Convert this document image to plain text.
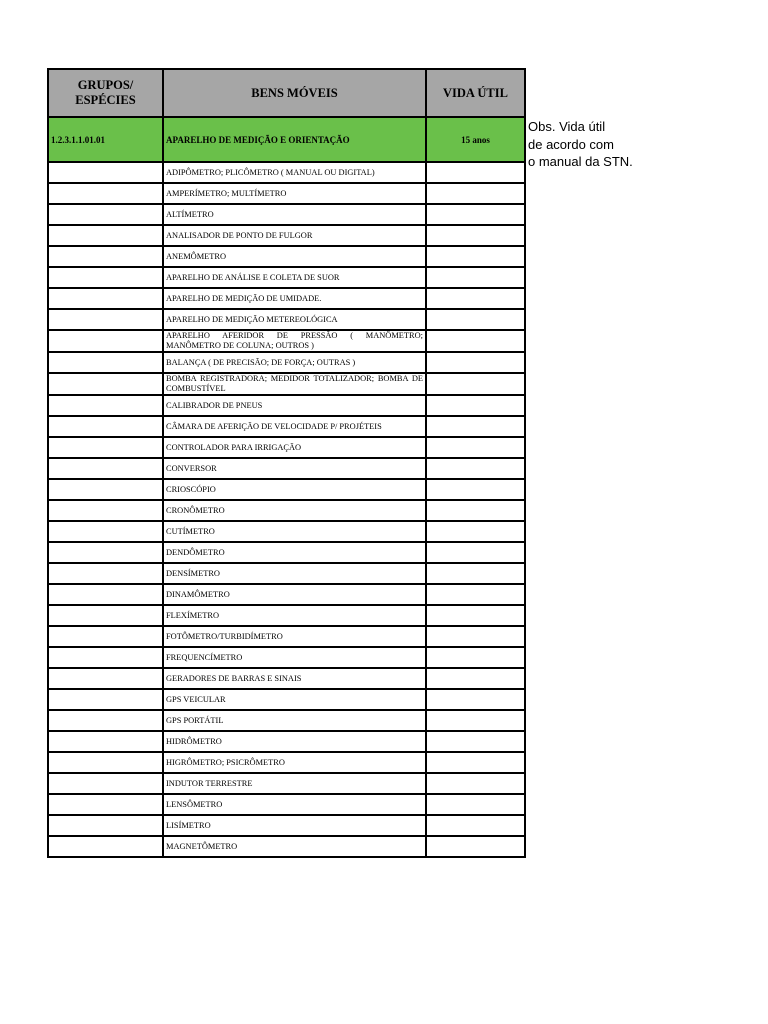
GRUPOS/
ESPÉCIES	BENS MÓVEIS	VIDA ÚTIL
1.2.3.1.1.01.01	APARELHO DE MEDIÇÃO E ORIENTAÇÃO	15 anos
	ADIPÔMETRO; PLICÔMETRO ( MANUAL OU DIGITAL)	
	AMPERÍMETRO; MULTÍMETRO	
	ALTÍMETRO	
	ANALISADOR DE PONTO DE FULGOR	
	ANEMÔMETRO	
	APARELHO DE ANÁLISE E COLETA DE SUOR	
	APARELHO DE MEDIÇÃO DE UMIDADE.	
	APARELHO DE MEDIÇÃO METEREOLÓGICA	
	APARELHO AFERIDOR DE PRESSÃO ( MANÔMETRO; MANÔMETRO DE COLUNA; OUTROS )	
	BALANÇA ( DE PRECISÃO; DE FORÇA; OUTRAS )	
	BOMBA REGISTRADORA; MEDIDOR TOTALIZADOR; BOMBA DE COMBUSTÍVEL	
	CALIBRADOR DE PNEUS	
	CÂMARA DE AFERIÇÃO DE VELOCIDADE P/ PROJÉTEIS	
	CONTROLADOR PARA IRRIGAÇÃO	
	CONVERSOR	
	CRIOSCÓPIO	
	CRONÔMETRO	
	CUTÍMETRO	
	DENDÔMETRO	
	DENSÍMETRO	
	DINAMÔMETRO	
	FLEXÍMETRO	
	FOTÔMETRO/TURBIDÍMETRO	
	FREQUENCÍMETRO	
	GERADORES DE BARRAS E SINAIS	
	GPS VEICULAR	
	GPS PORTÁTIL	
	HIDRÔMETRO	
	HIGRÔMETRO; PSICRÔMETRO	
	INDUTOR TERRESTRE	
	LENSÔMETRO	
	LISÍMETRO	
	MAGNETÔMETRO	
Obs. Vida útil
de acordo com
o manual da STN.
